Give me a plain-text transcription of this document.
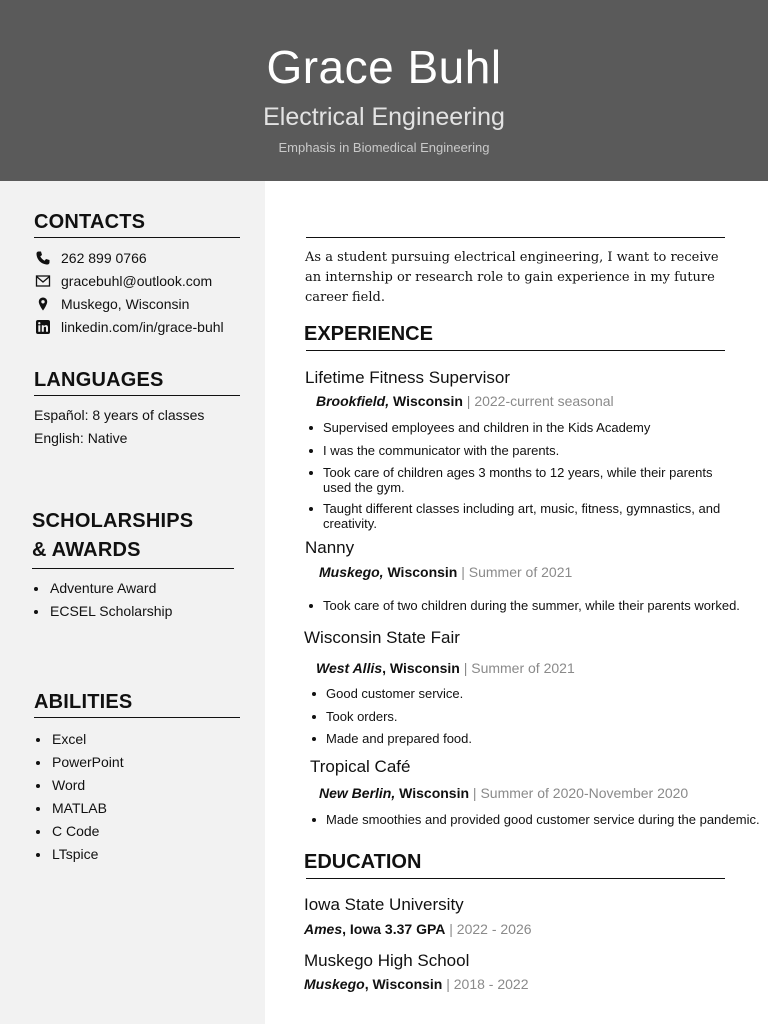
Grace Buhl
Electrical Engineering
Emphasis in Biomedical Engineering
CONTACTS
262 899 0766
gracebuhl@outlook.com
Muskego, Wisconsin
linkedin.com/in/grace-buhl
LANGUAGES
Español: 8 years of classes
English: Native
SCHOLARSHIPS
& AWARDS
Adventure Award
ECSEL Scholarship
ABILITIES
Excel
PowerPoint
Word
MATLAB
C Code
LTspice
As a student pursuing electrical engineering, I want to receive an internship or research role to gain experience in my future career field.
EXPERIENCE
Lifetime Fitness Supervisor
Brookfield, Wisconsin | 2022-current seasonal
Supervised employees and children in the Kids Academy
I was the communicator with the parents.
Took care of children ages 3 months to 12 years, while their parents used the gym.
Taught different classes including art, music, fitness, gymnastics, and creativity.
Nanny
Muskego, Wisconsin | Summer of 2021
Took care of two children during the summer, while their parents worked.
Wisconsin State Fair
West Allis, Wisconsin | Summer of 2021
Good customer service.
Took orders.
Made and prepared food.
Tropical Café
New Berlin, Wisconsin | Summer of 2020-November 2020
Made smoothies and provided good customer service during the pandemic.
EDUCATION
Iowa State University
Ames, Iowa 3.37 GPA | 2022 - 2026
Muskego High School
Muskego, Wisconsin | 2018 - 2022
